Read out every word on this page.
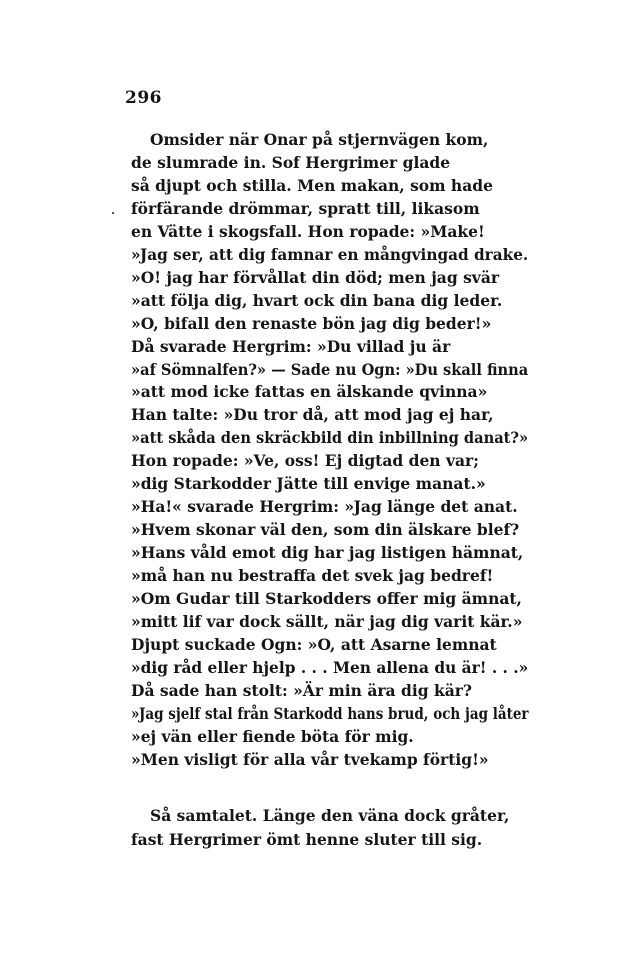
296
Omsider när Onar på stjernvägen kom,
de slumrade in. Sof Hergrimer glade
så djupt och stilla. Men makan, som hade
förfärande drömmar, spratt till, likasom
en Vätte i skogsfall. Hon ropade: »Make!
»Jag ser, att dig famnar en mångvingad drake.
»O! jag har förvållat din död; men jag svär
»att följa dig, hvart ock din bana dig leder.
»O, bifall den renaste bön jag dig beder!»
Då svarade Hergrim: »Du villad ju är
»af Sömnalfen?» — Sade nu Ogn: »Du skall finna
»att mod icke fattas en älskande qvinna»
Han talte: »Du tror då, att mod jag ej har,
»att skåda den skräckbild din inbillning danat?»
Hon ropade: »Ve, oss! Ej digtad den var;
»dig Starkodder Jätte till envige manat.»
»Ha!« svarade Hergrim: »Jag länge det anat.
»Hvem skonar väl den, som din älskare blef?
»Hans våld emot dig har jag listigen hämnat,
»må han nu bestraffa det svek jag bedref!
»Om Gudar till Starkodders offer mig ämnat,
»mitt lif var dock sällt, när jag dig varit kär.»
Djupt suckade Ogn: »O, att Asarne lemnat
»dig råd eller hjelp . . . Men allena du är! . . .»
Då sade han stolt: »Är min ära dig kär?
»Jag sjelf stal från Starkodd hans brud, och jag låter
»ej vän eller fiende böta för mig.
»Men visligt för alla vår tvekamp förtig!»
Så samtalet. Länge den väna dock gråter,
fast Hergrimer ömt henne sluter till sig.
